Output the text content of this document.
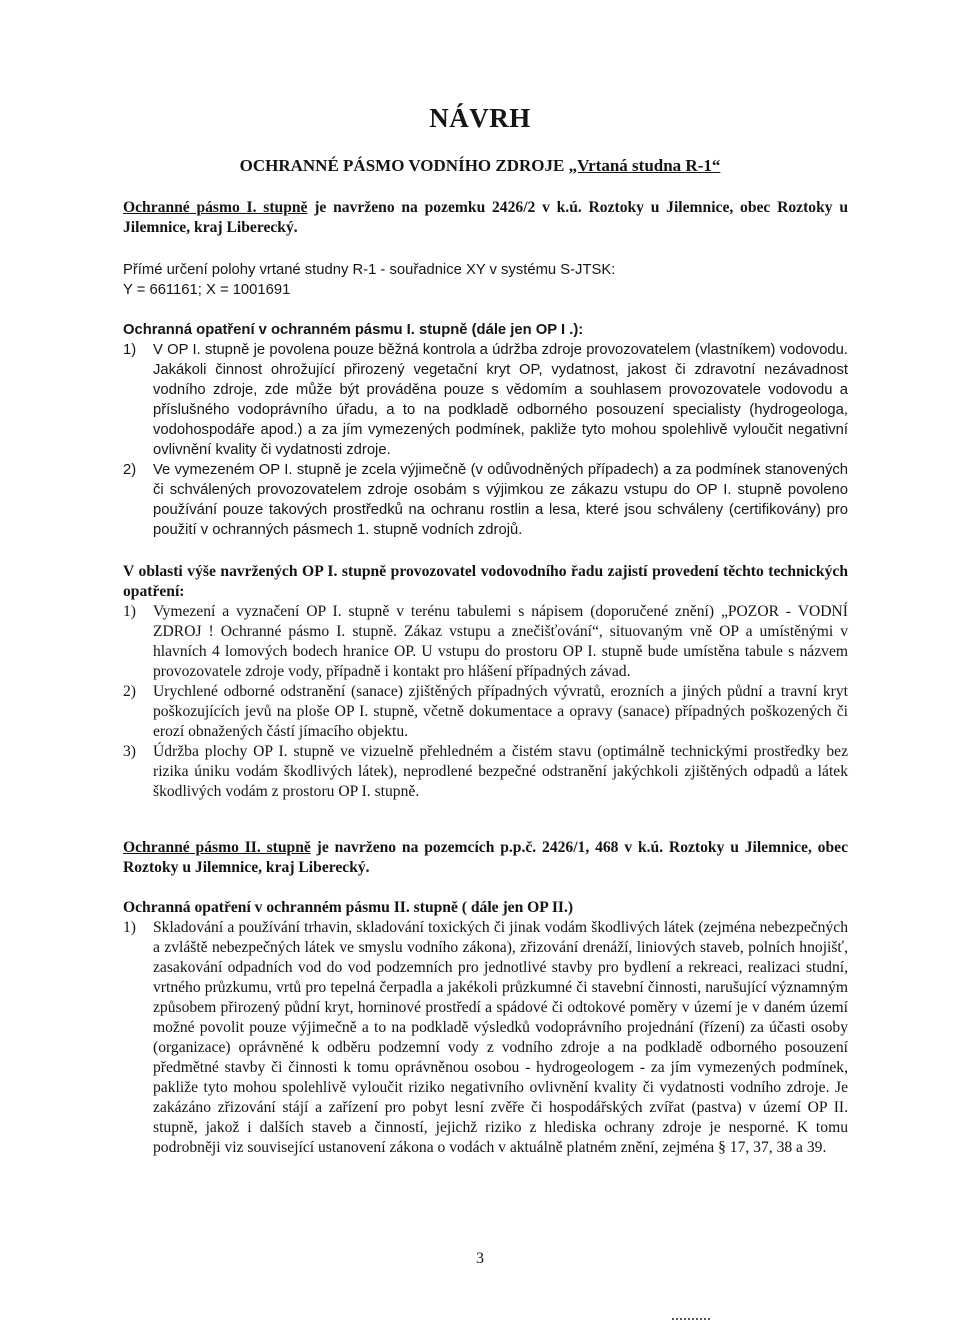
NÁVRH
OCHRANNÉ PÁSMO VODNÍHO ZDROJE „Vrtaná studna R-1“

Ochranné pásmo I. stupně je navrženo na pozemku 2426/2 v k.ú. Roztoky u Jilemnice, obec Roztoky u Jilemnice, kraj Liberecký.

Přímé určení polohy vrtané studny R-1 - souřadnice XY v systému S-JTSK:

Y = 661161; X = 1001691

Ochranná opatření v ochranném pásmu I. stupně (dále jen OP I .):

1) V OP I. stupně je povolena pouze běžná kontrola a údržba zdroje provozovatelem (vlastníkem) vodovodu. Jakákoli činnost ohrožující přirozený vegetační kryt OP, vydatnost, jakost či zdravotní nezávadnost vodního zdroje, zde může být prováděna pouze s vědomím a souhlasem provozovatele vodovodu a příslušného vodoprávního úřadu, a to na podkladě odborného posouzení specialisty (hydrogeologa, vodohospodáře apod.) a za jím vymezených podmínek, pakliže tyto mohou spolehlivě vyloučit negativní ovlivnění kvality či vydatnosti zdroje.
2) Ve vymezeném OP I. stupně je zcela výjimečně (v odůvodněných případech) a za podmínek stanovených či schválených provozovatelem zdroje osobám s výjimkou ze zákazu vstupu do OP I. stupně povoleno používání pouze takových prostředků na ochranu rostlin a lesa, které jsou schváleny (certifikovány) pro použití v ochranných pásmech 1. stupně vodních zdrojů.

V oblasti výše navržených OP I. stupně provozovatel vodovodního řadu zajistí provedení těchto technických opatření:

1) Vymezení a vyznačení OP I. stupně v terénu tabulemi s nápisem (doporučené znění) „POZOR - VODNÍ ZDROJ ! Ochranné pásmo I. stupně. Zákaz vstupu a znečišťování“, situovaným vně OP a umístěnými v hlavních 4 lomových bodech hranice OP. U vstupu do prostoru OP I. stupně bude umístěna tabule s názvem provozovatele zdroje vody, případně i kontakt pro hlášení případných závad.
2) Urychlené odborné odstranění (sanace) zjištěných případných vývratů, erozních a jiných půdní a travní kryt poškozujících jevů na ploše OP I. stupně, včetně dokumentace a opravy (sanace) případných poškozených či erozí obnažených částí jímacího objektu.
3) Údržba plochy OP I. stupně ve vizuelně přehledném a čistém stavu (optimálně technickými prostředky bez rizika úniku vodám škodlivých látek), neprodlené bezpečné odstranění jakýchkoli zjištěných odpadů a látek škodlivých vodám z prostoru OP I. stupně.

Ochranné pásmo II. stupně je navrženo na pozemcích p.p.č. 2426/1, 468 v k.ú. Roztoky u Jilemnice, obec Roztoky u Jilemnice, kraj Liberecký.

Ochranná opatření v ochranném pásmu II. stupně ( dále jen OP II.)

1) Skladování a používání trhavin, skladování toxických či jinak vodám škodlivých látek (zejména nebezpečných a zvláště nebezpečných látek ve smyslu vodního zákona), zřizování drenáží, liniových staveb, polních hnojišť, zasakování odpadních vod do vod podzemních pro jednotlivé stavby pro bydlení a rekreaci, realizaci studní, vrtného průzkumu, vrtů pro tepelná čerpadla a jakékoli průzkumné či stavební činnosti, narušující významným způsobem přirozený půdní kryt, horninové prostředí a spádové či odtokové poměry v území je v daném území možné povolit pouze výjimečně a to na podkladě výsledků vodoprávního projednání (řízení) za účasti osoby (organizace) oprávněné k odběru podzemní vody z vodního zdroje a na podkladě odborného posouzení předmětné stavby či činnosti k tomu oprávněnou osobou - hydrogeologem - za jím vymezených podmínek, pakliže tyto mohou spolehlivě vyloučit riziko negativního ovlivnění kvality či vydatnosti vodního zdroje. Je zakázáno zřizování stájí a zařízení pro pobyt lesní zvěře či hospodářských zvířat (pastva) v území OP II. stupně, jakož i dalších staveb a činností, jejichž riziko z hlediska ochrany zdroje je nesporné. K tomu podrobněji viz související ustanovení zákona o vodách v aktuálně platném znění, zejména § 17, 37, 38 a 39.
3
